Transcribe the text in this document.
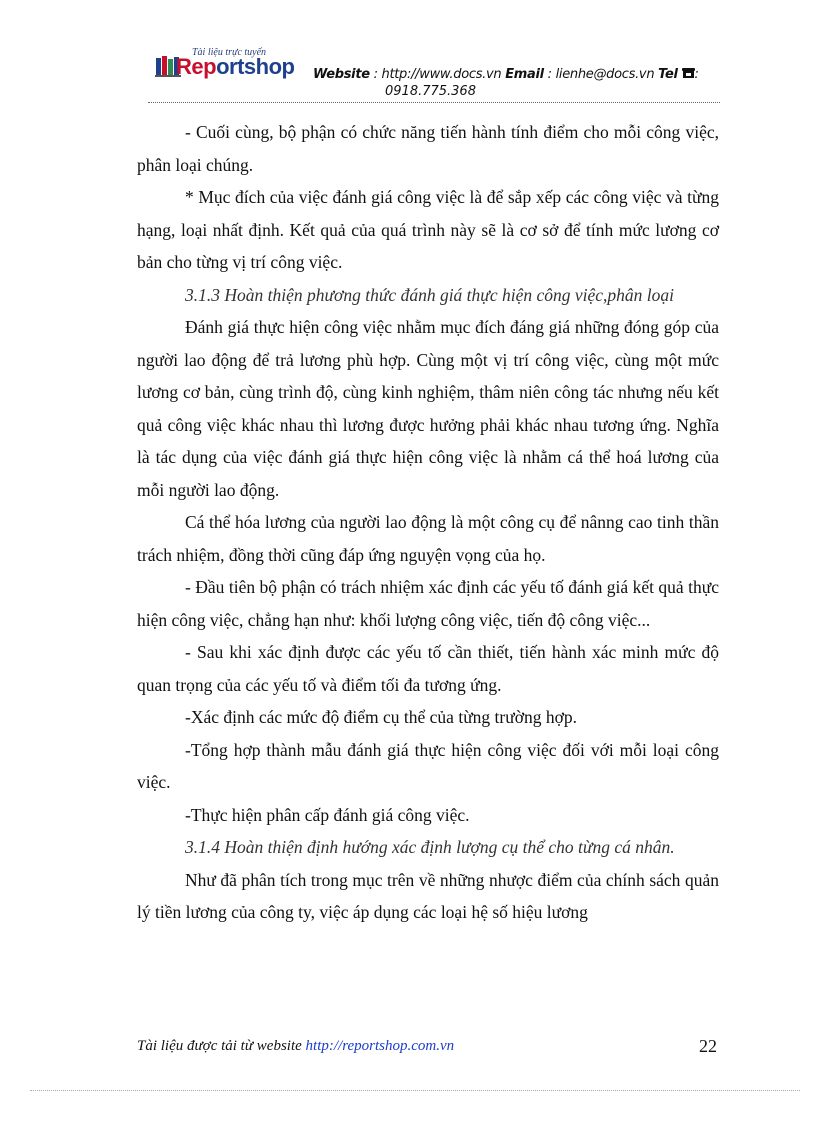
Tài liệu trực tuyến
Reportshop Website : http://www.docs.vn Email : lienhe@docs.vn Tel :
0918.775.368

- Cuối cùng, bộ phận có chức năng tiến hành tính điểm cho mỗi công việc, phân loại chúng.

* Mục đích của việc đánh giá công việc là để sắp xếp các công việc và từng hạng, loại nhất định. Kết quả của quá trình này sẽ là cơ sở để tính mức lương cơ bản cho từng vị trí công việc.

3.1.3 Hoàn thiện phương thức đánh giá thực hiện công việc,phân loại

Đánh giá thực hiện công việc nhằm mục đích đáng giá những đóng góp của người lao động để trả lương phù hợp. Cùng một vị trí công việc, cùng một mức lương cơ bản, cùng trình độ, cùng kinh nghiệm, thâm niên công tác nhưng nếu kết quả công việc khác nhau thì lương được hưởng phải khác nhau tương ứng. Nghĩa là tác dụng của việc đánh giá thực hiện công việc là nhằm cá thể hoá lương của mỗi người lao động.

Cá thể hóa lương của người lao động là một công cụ để nânng cao tinh thần trách nhiệm, đồng thời cũng đáp ứng nguyện vọng của họ.

- Đầu tiên bộ phận có trách nhiệm xác định các yếu tố đánh giá kết quả thực hiện công việc, chẳng hạn như: khối lượng công việc, tiến độ công việc...

- Sau khi xác định được các yếu tố cần thiết, tiến hành xác minh mức độ quan trọng của các yếu tố và điểm tối đa tương ứng.

-Xác định các mức độ điểm cụ thể của từng trường hợp.

-Tổng hợp thành mẫu đánh giá thực hiện công việc đối với mỗi loại công việc.

-Thực hiện phân cấp đánh giá công việc.

3.1.4 Hoàn thiện định hướng xác định lượng cụ thể cho từng cá nhân.

Như đã phân tích trong mục trên về những nhược điểm của chính sách quản lý tiền lương của công ty, việc áp dụng các loại hệ số hiệu lương

Tài liệu được tải từ website http://reportshop.com.vn	22
